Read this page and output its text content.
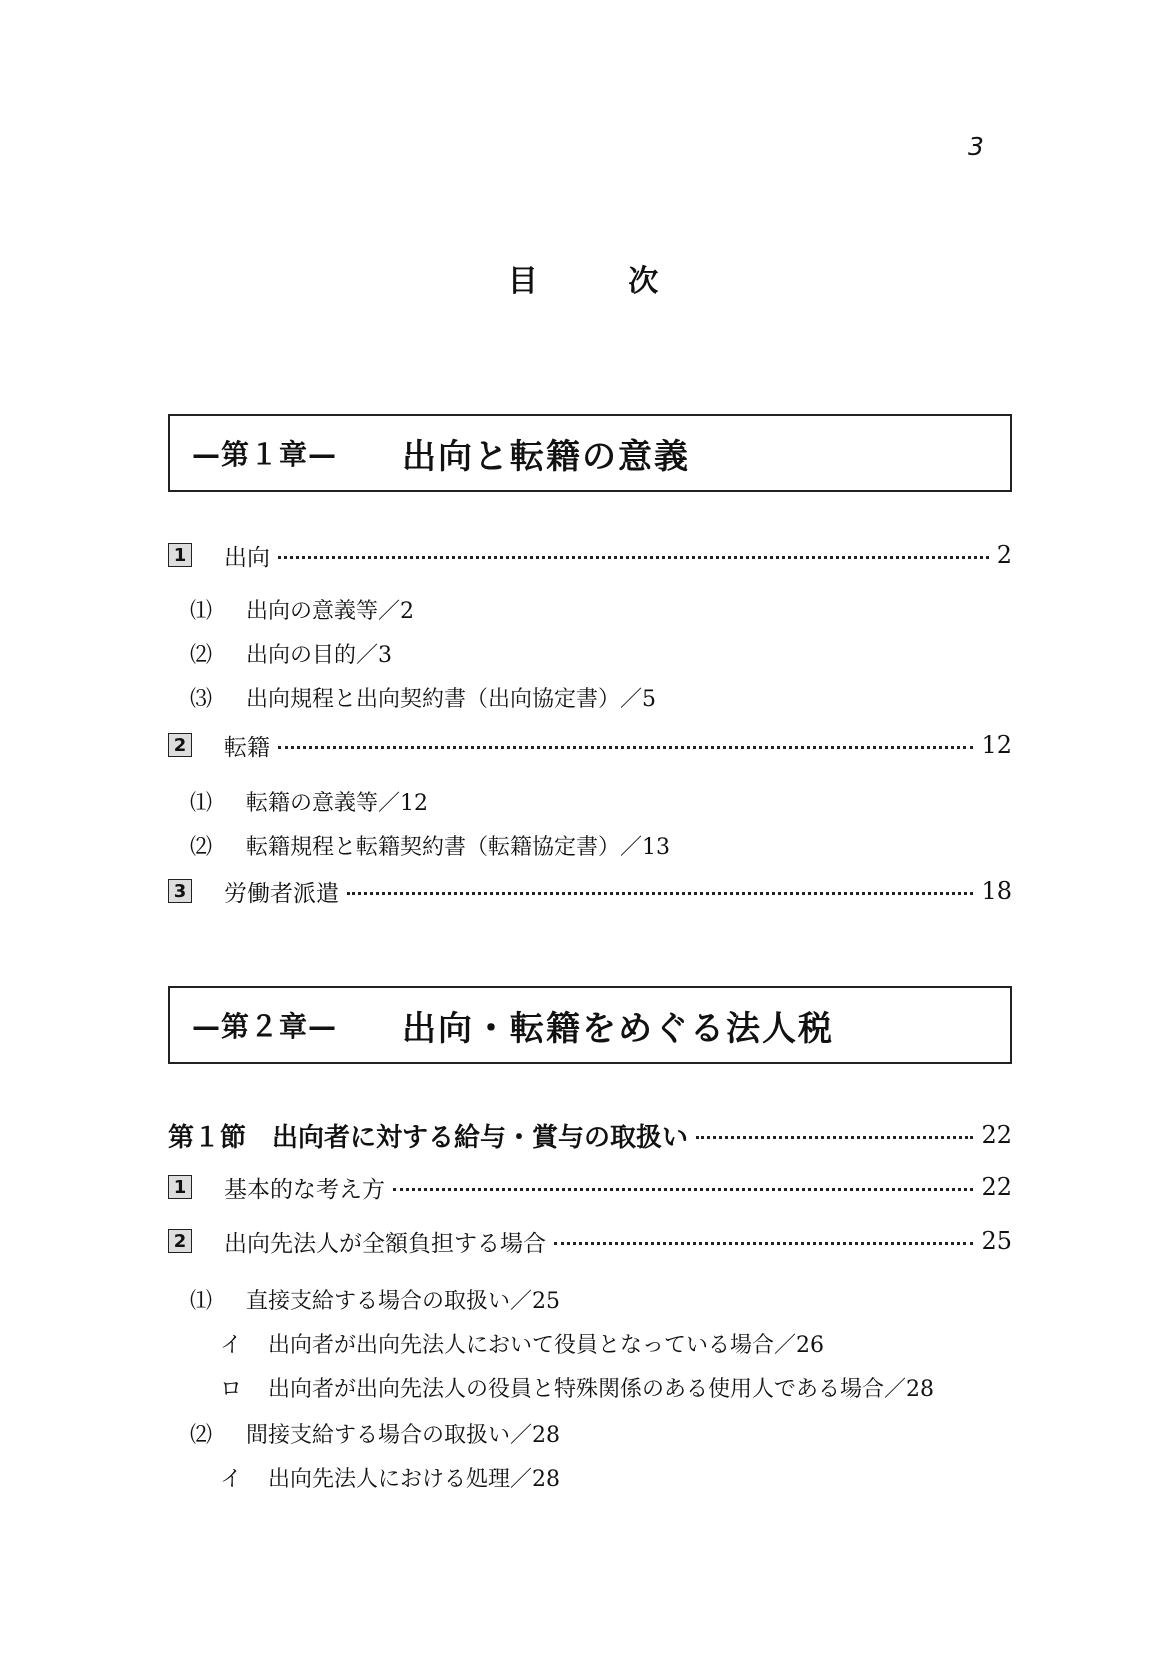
3
目	次
—第１章—	出向と転籍の意義
1 出向	2
⑴ 出向の意義等／2
⑵ 出向の目的／3
⑶ 出向規程と出向契約書（出向協定書）／5
2 転籍	12
⑴ 転籍の意義等／12
⑵ 転籍規程と転籍契約書（転籍協定書）／13
3 労働者派遣	18
—第２章—	出向・転籍をめぐる法人税
第１節　出向者に対する給与・賞与の取扱い	22
1 基本的な考え方	22
2 出向先法人が全額負担する場合	25
⑴ 直接支給する場合の取扱い／25
イ 出向者が出向先法人において役員となっている場合／26
ロ 出向者が出向先法人の役員と特殊関係のある使用人である場合／28
⑵ 間接支給する場合の取扱い／28
イ 出向先法人における処理／28
